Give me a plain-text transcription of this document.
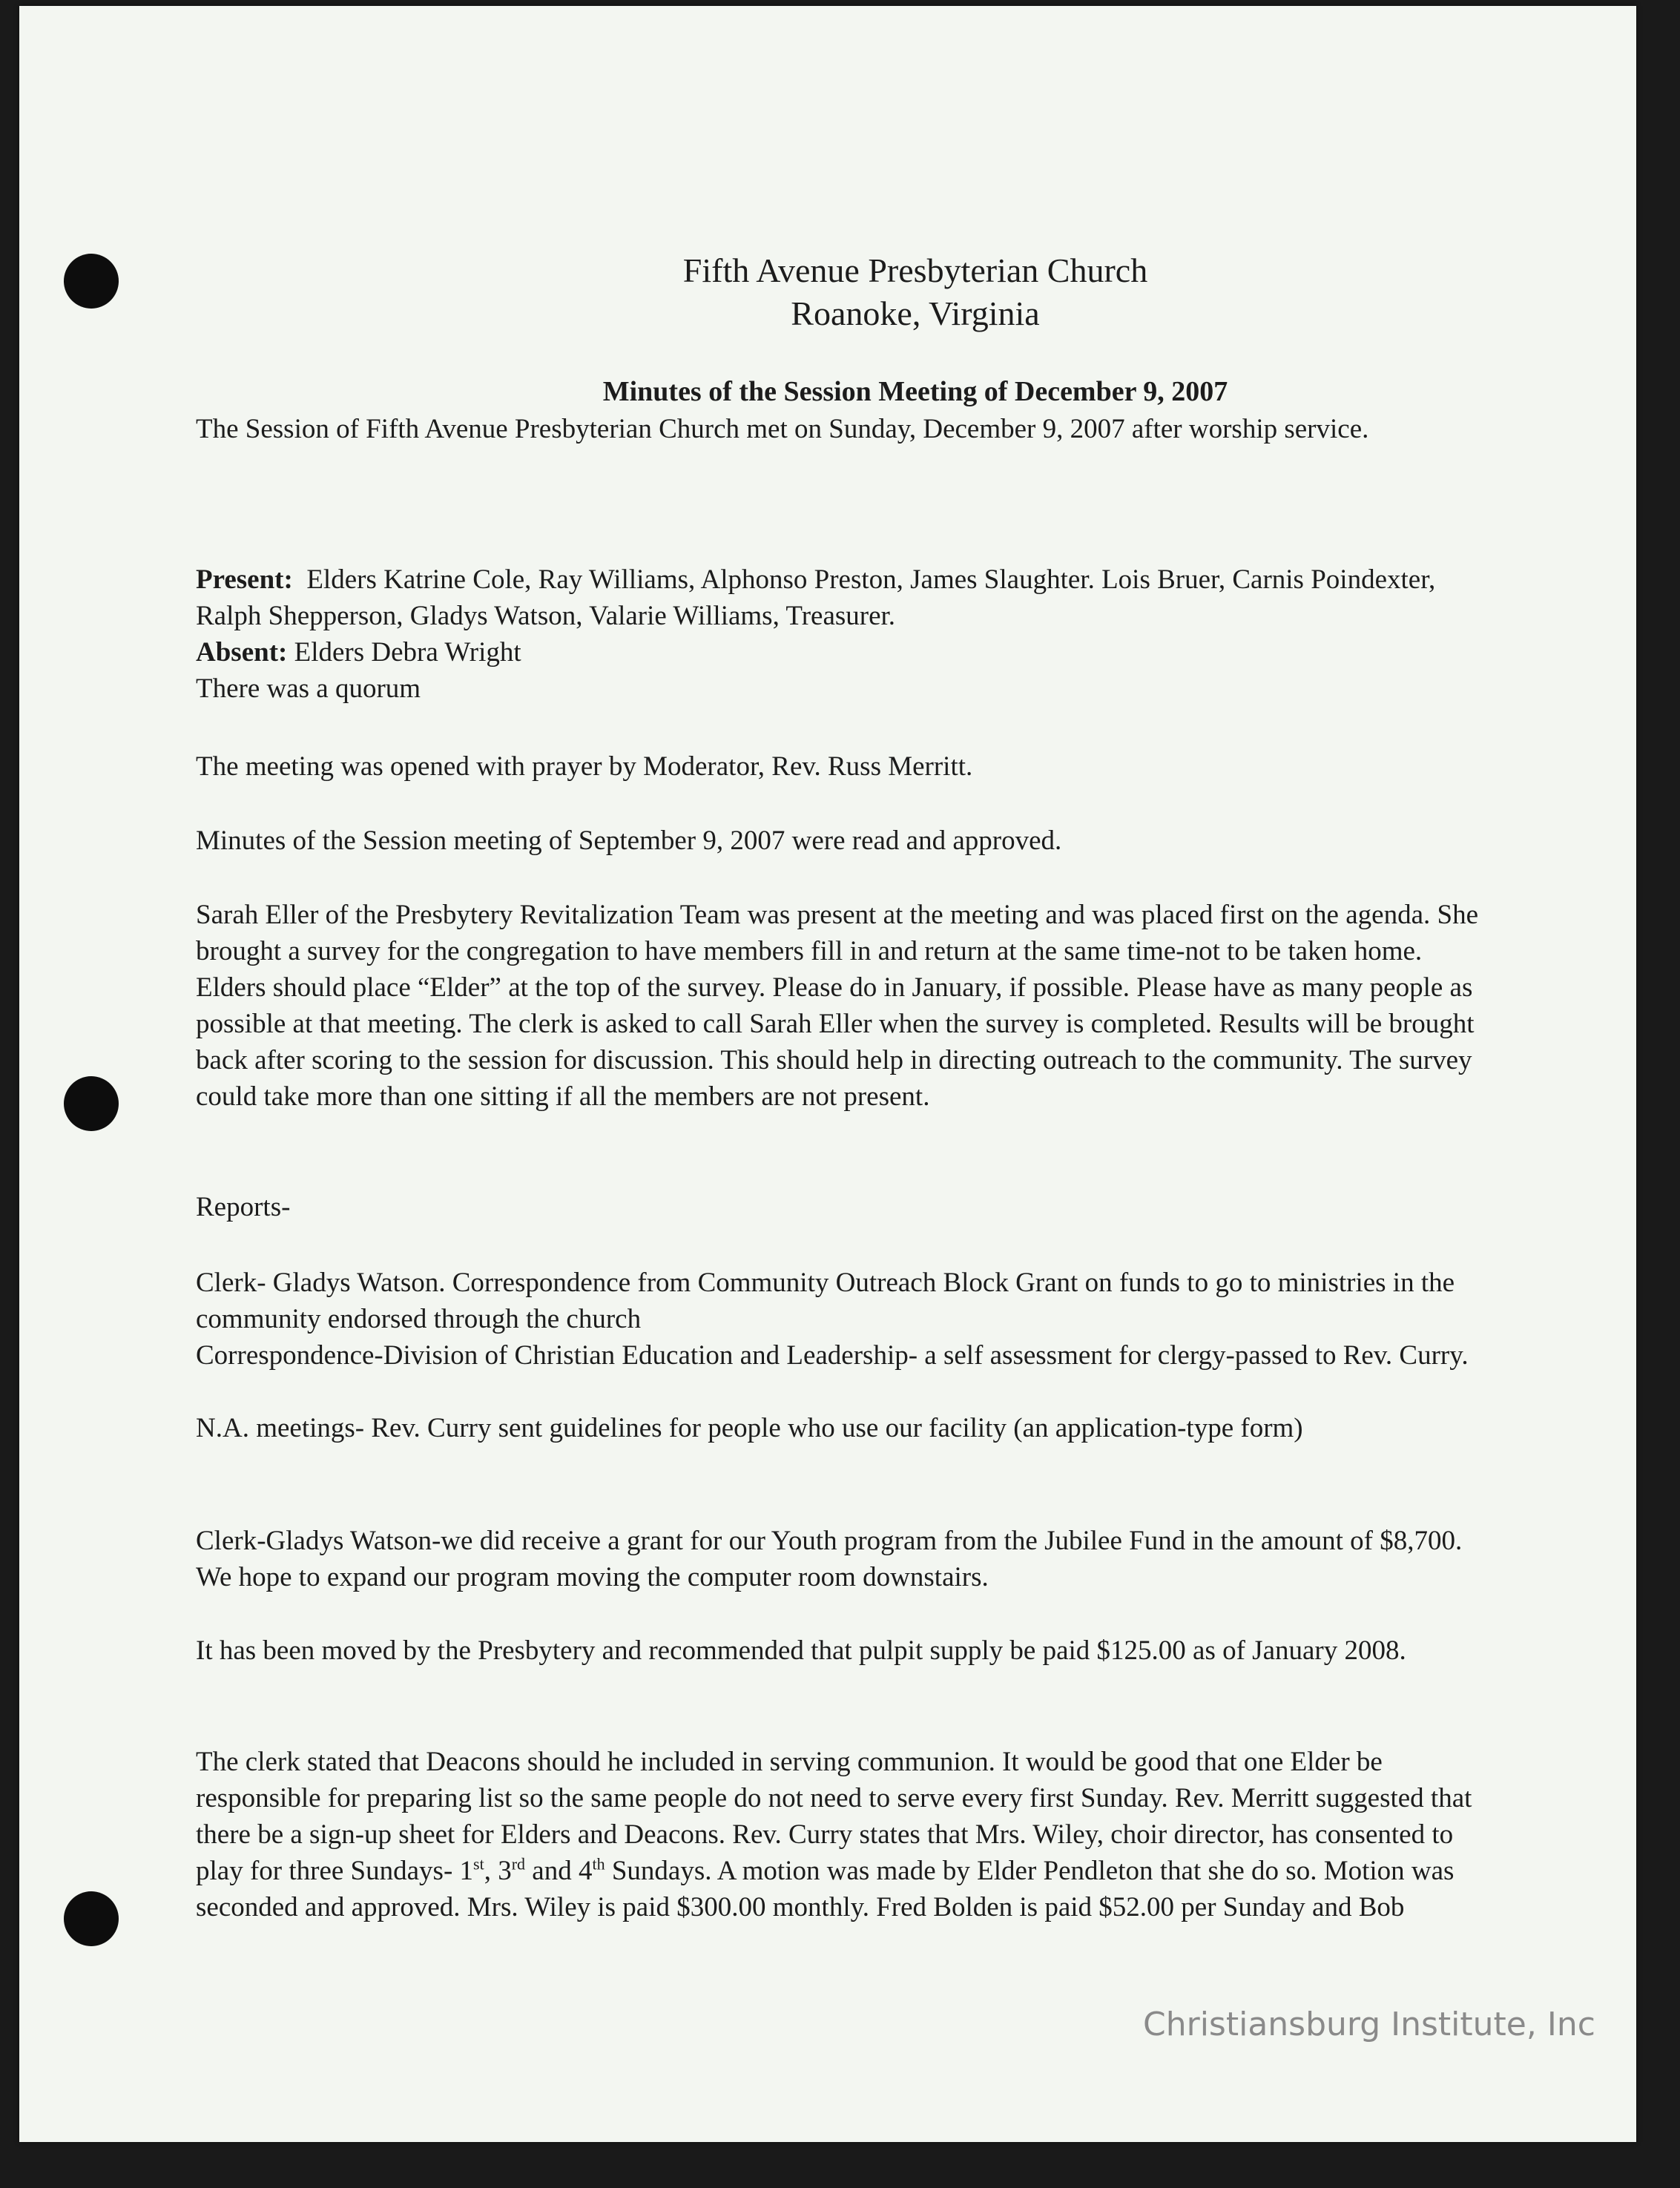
Fifth Avenue Presbyterian Church
Roanoke, Virginia
Minutes of the Session Meeting of December 9, 2007

The Session of Fifth Avenue Presbyterian Church met on Sunday, December 9, 2007 after worship service.

Present: Elders Katrine Cole, Ray Williams, Alphonso Preston, James Slaughter. Lois Bruer, Carnis Poindexter, Ralph Shepperson, Gladys Watson, Valarie Williams, Treasurer.

Absent: Elders Debra Wright

There was a quorum

The meeting was opened with prayer by Moderator, Rev. Russ Merritt.

Minutes of the Session meeting of September 9, 2007 were read and approved.

Sarah Eller of the Presbytery Revitalization Team was present at the meeting and was placed first on the agenda. She brought a survey for the congregation to have members fill in and return at the same time-not to be taken home. Elders should place “Elder” at the top of the survey. Please do in January, if possible. Please have as many people as possible at that meeting. The clerk is asked to call Sarah Eller when the survey is completed. Results will be brought back after scoring to the session for discussion. This should help in directing outreach to the community. The survey could take more than one sitting if all the members are not present.

Reports-

Clerk- Gladys Watson. Correspondence from Community Outreach Block Grant on funds to go to ministries in the community endorsed through the church

Correspondence-Division of Christian Education and Leadership- a self assessment for clergy-passed to Rev. Curry.

N.A. meetings- Rev. Curry sent guidelines for people who use our facility (an application-type form)

Clerk-Gladys Watson-we did receive a grant for our Youth program from the Jubilee Fund in the amount of $8,700. We hope to expand our program moving the computer room downstairs.

It has been moved by the Presbytery and recommended that pulpit supply be paid $125.00 as of January 2008.

The clerk stated that Deacons should he included in serving communion. It would be good that one Elder be responsible for preparing list so the same people do not need to serve every first Sunday. Rev. Merritt suggested that there be a sign-up sheet for Elders and Deacons. Rev. Curry states that Mrs. Wiley, choir director, has consented to play for three Sundays- 1st, 3rd and 4th Sundays. A motion was made by Elder Pendleton that she do so. Motion was seconded and approved. Mrs. Wiley is paid $300.00 monthly. Fred Bolden is paid $52.00 per Sunday and Bob

Christiansburg Institute, Inc
